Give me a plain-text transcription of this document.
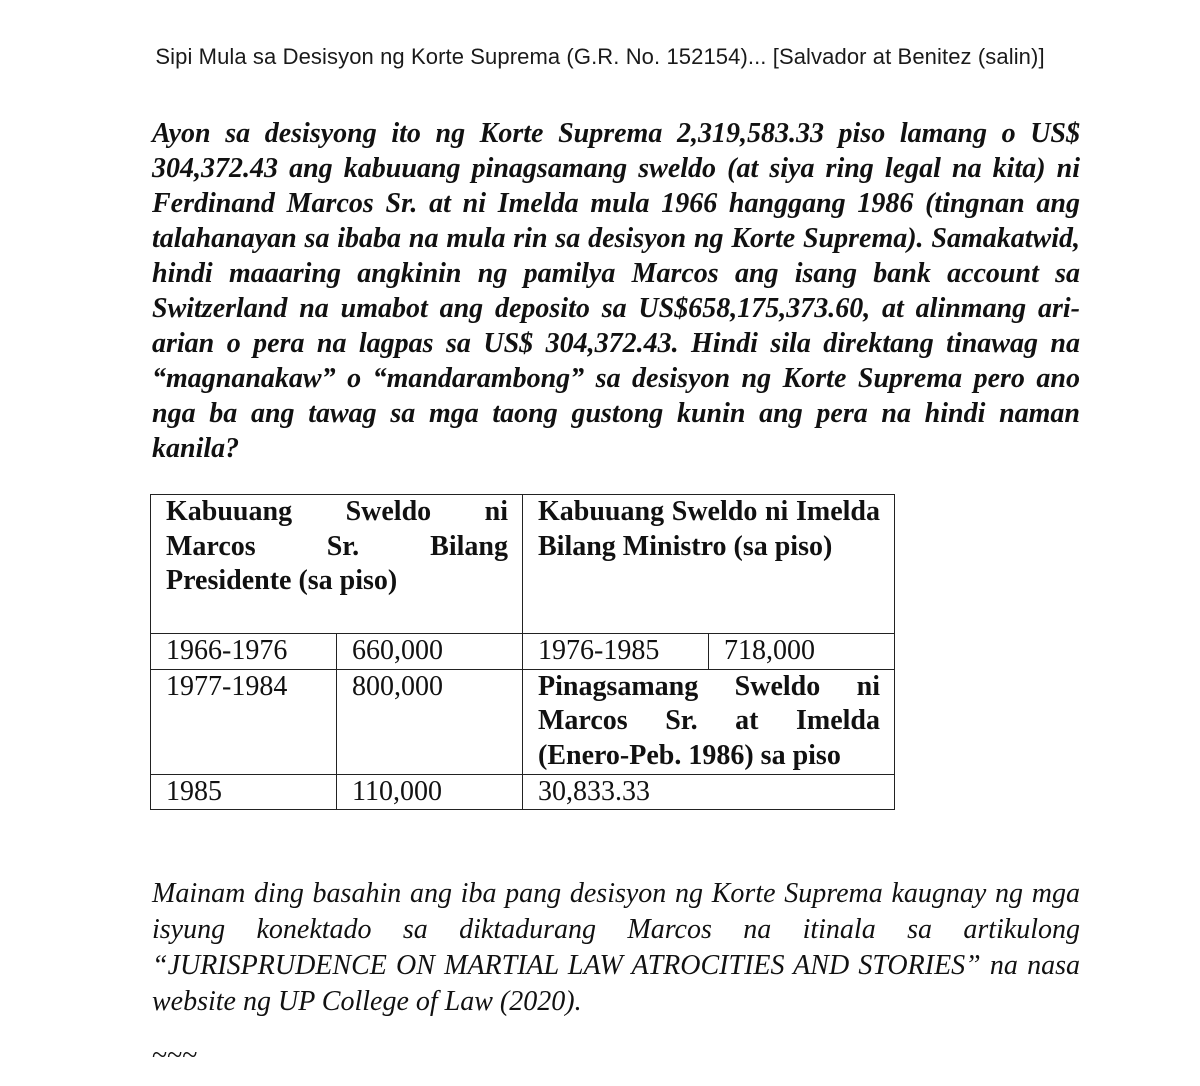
Sipi Mula sa Desisyon ng Korte Suprema (G.R. No. 152154)... [Salvador at Benitez (salin)]
Ayon sa desisyong ito ng Korte Suprema 2,319,583.33 piso lamang o US$ 304,372.43 ang kabuuang pinagsamang sweldo (at siya ring legal na kita) ni Ferdinand Marcos Sr. at ni Imelda mula 1966 hanggang 1986 (tingnan ang talahanayan sa ibaba na mula rin sa desisyon ng Korte Suprema). Samakatwid, hindi maaaring angkinin ng pamilya Marcos ang isang bank account sa Switzerland na umabot ang deposito sa US$658,175,373.60, at alinmang ari-arian o pera na lagpas sa US$ 304,372.43. Hindi sila direktang tinawag na “magnanakaw” o “mandarambong” sa desisyon ng Korte Suprema pero ano nga ba ang tawag sa mga taong gustong kunin ang pera na hindi naman kanila?
Kabuuang Sweldo ni Marcos Sr. Bilang Presidente (sa piso)		Kabuuang Sweldo ni Imelda Bilang Ministro (sa piso)	

1966-1976	660,000	1976-1985	718,000
1977-1984	800,000	Pinagsamang Sweldo ni Marcos Sr. at Imelda (Enero-Peb. 1986) sa piso	

1985	110,000	30,833.33	
Mainam ding basahin ang iba pang desisyon ng Korte Suprema kaugnay ng mga isyung konektado sa diktadurang Marcos na itinala sa artikulong “JURISPRUDENCE ON MARTIAL LAW ATROCITIES AND STORIES” na nasa website ng UP College of Law (2020).
~~~
